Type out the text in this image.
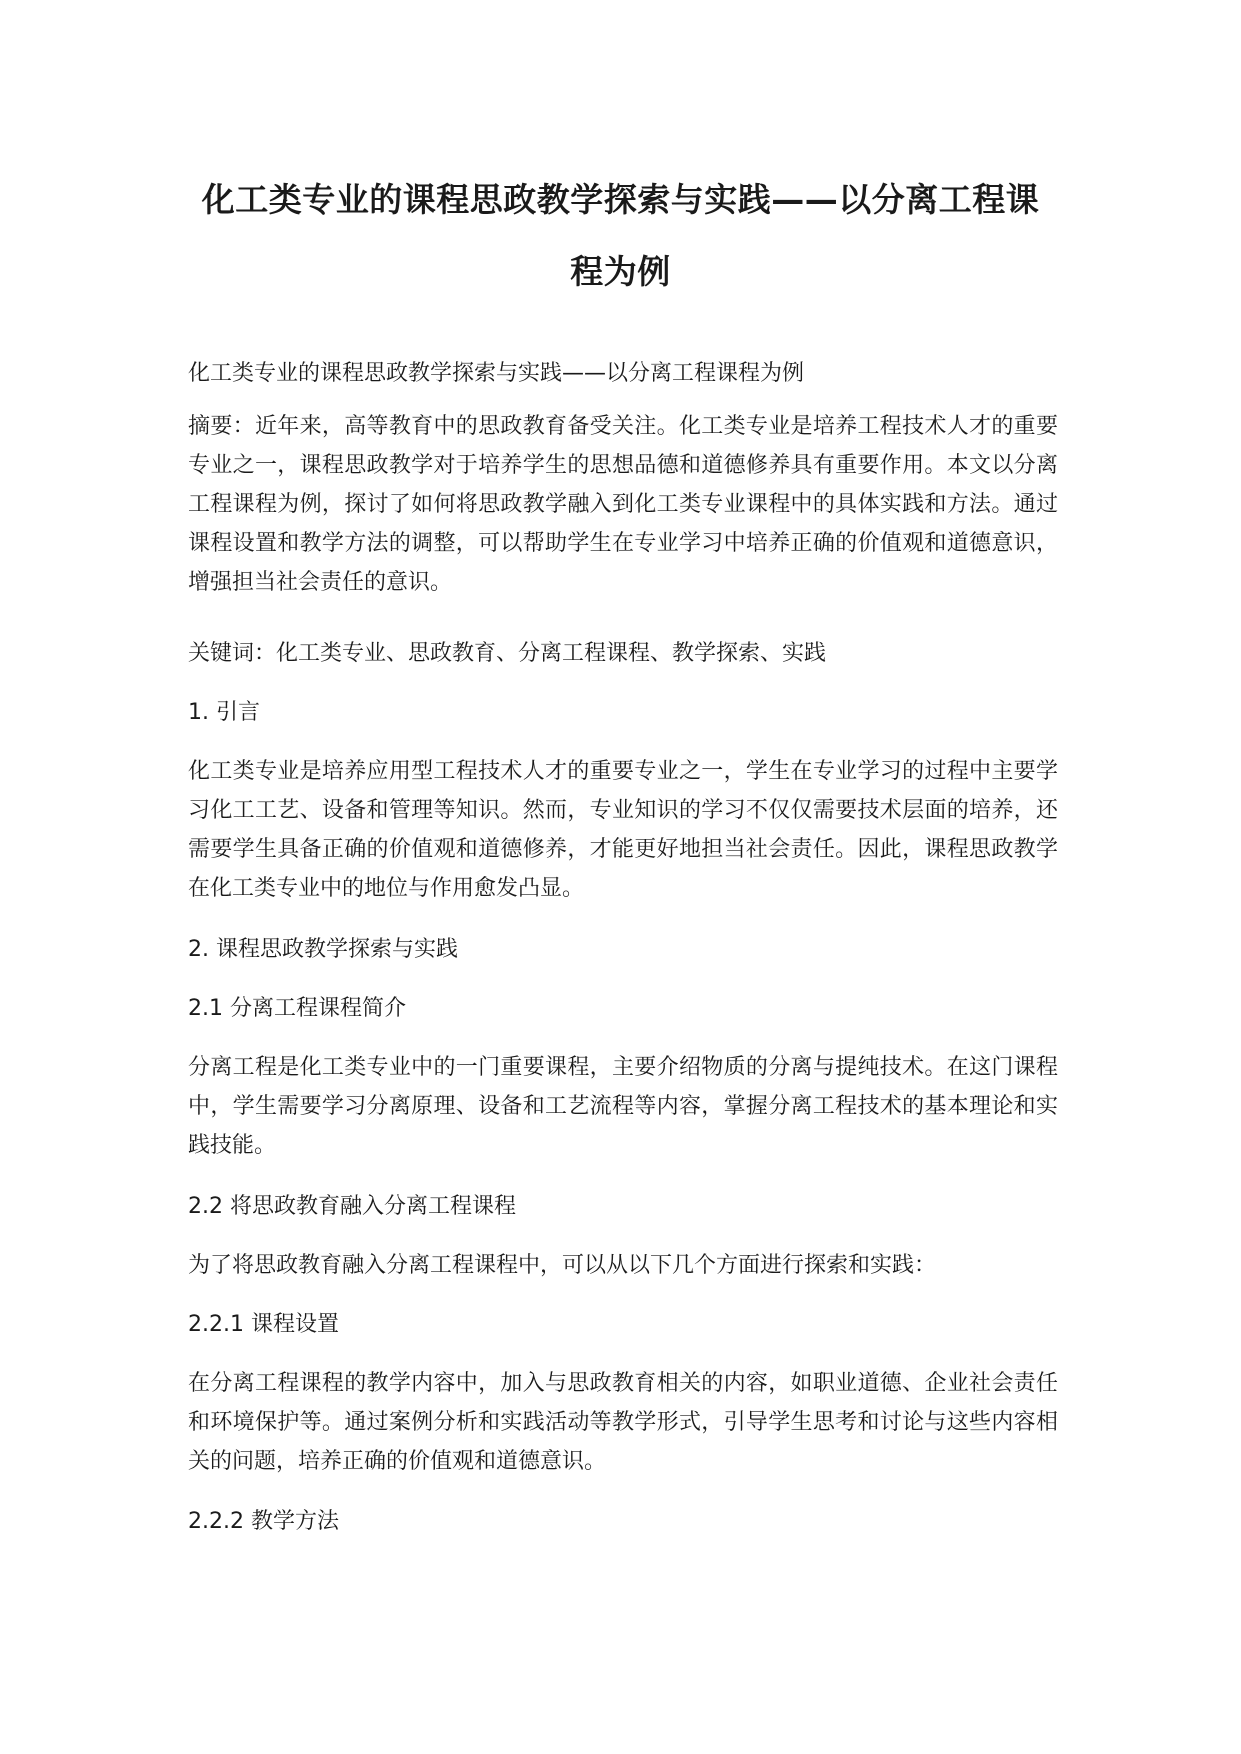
化工类专业的课程思政教学探索与实践——以分离工程课
程为例

化工类专业的课程思政教学探索与实践——以分离工程课程为例

摘要：近年来，高等教育中的思政教育备受关注。化工类专业是培养工程技术人才的重要专业之一，课程思政教学对于培养学生的思想品德和道德修养具有重要作用。本文以分离工程课程为例，探讨了如何将思政教学融入到化工类专业课程中的具体实践和方法。通过课程设置和教学方法的调整，可以帮助学生在专业学习中培养正确的价值观和道德意识，增强担当社会责任的意识。

关键词：化工类专业、思政教育、分离工程课程、教学探索、实践

1. 引言

化工类专业是培养应用型工程技术人才的重要专业之一，学生在专业学习的过程中主要学习化工工艺、设备和管理等知识。然而，专业知识的学习不仅仅需要技术层面的培养，还需要学生具备正确的价值观和道德修养，才能更好地担当社会责任。因此，课程思政教学在化工类专业中的地位与作用愈发凸显。

2. 课程思政教学探索与实践

2.1 分离工程课程简介

分离工程是化工类专业中的一门重要课程，主要介绍物质的分离与提纯技术。在这门课程中，学生需要学习分离原理、设备和工艺流程等内容，掌握分离工程技术的基本理论和实践技能。

2.2 将思政教育融入分离工程课程

为了将思政教育融入分离工程课程中，可以从以下几个方面进行探索和实践：

2.2.1 课程设置

在分离工程课程的教学内容中，加入与思政教育相关的内容，如职业道德、企业社会责任和环境保护等。通过案例分析和实践活动等教学形式，引导学生思考和讨论与这些内容相关的问题，培养正确的价值观和道德意识。

2.2.2 教学方法
